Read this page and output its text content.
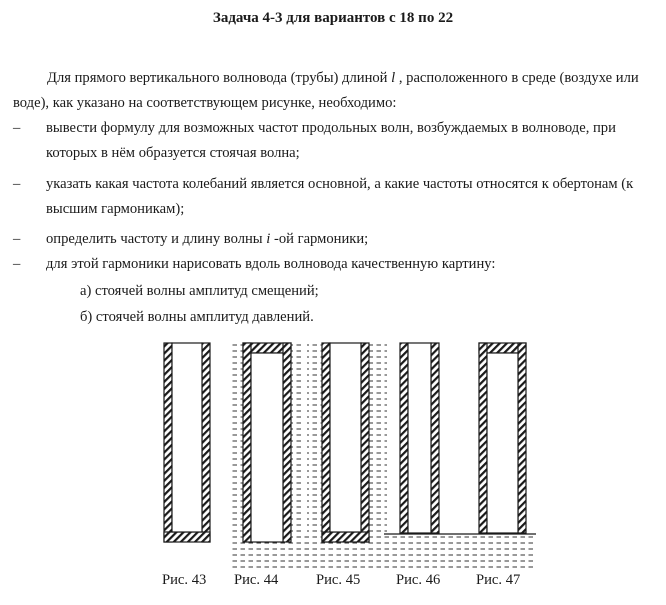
Задача 4-3 для вариантов с 18 по 22
Для прямого вертикального волновода (трубы) длиной l , расположенного в среде (воздухе или воде), как указано на соответствующем рисунке, необходимо:
–	вывести формулу для возможных частот продольных волн, возбуждаемых в волноводе, при которых в нём образуется стоячая волна;
–	указать какая частота колебаний является основной, а какие частоты относятся к обертонам (к высшим гармоникам);
–	определить частоту и длину волны i -ой гармоники;
–	для этой гармоники нарисовать вдоль волновода качественную картину:
а) стоячей волны амплитуд смещений;
б) стоячей волны амплитуд давлений.
Рис. 43 Рис. 44	Рис. 45 Рис. 46 Рис. 47
